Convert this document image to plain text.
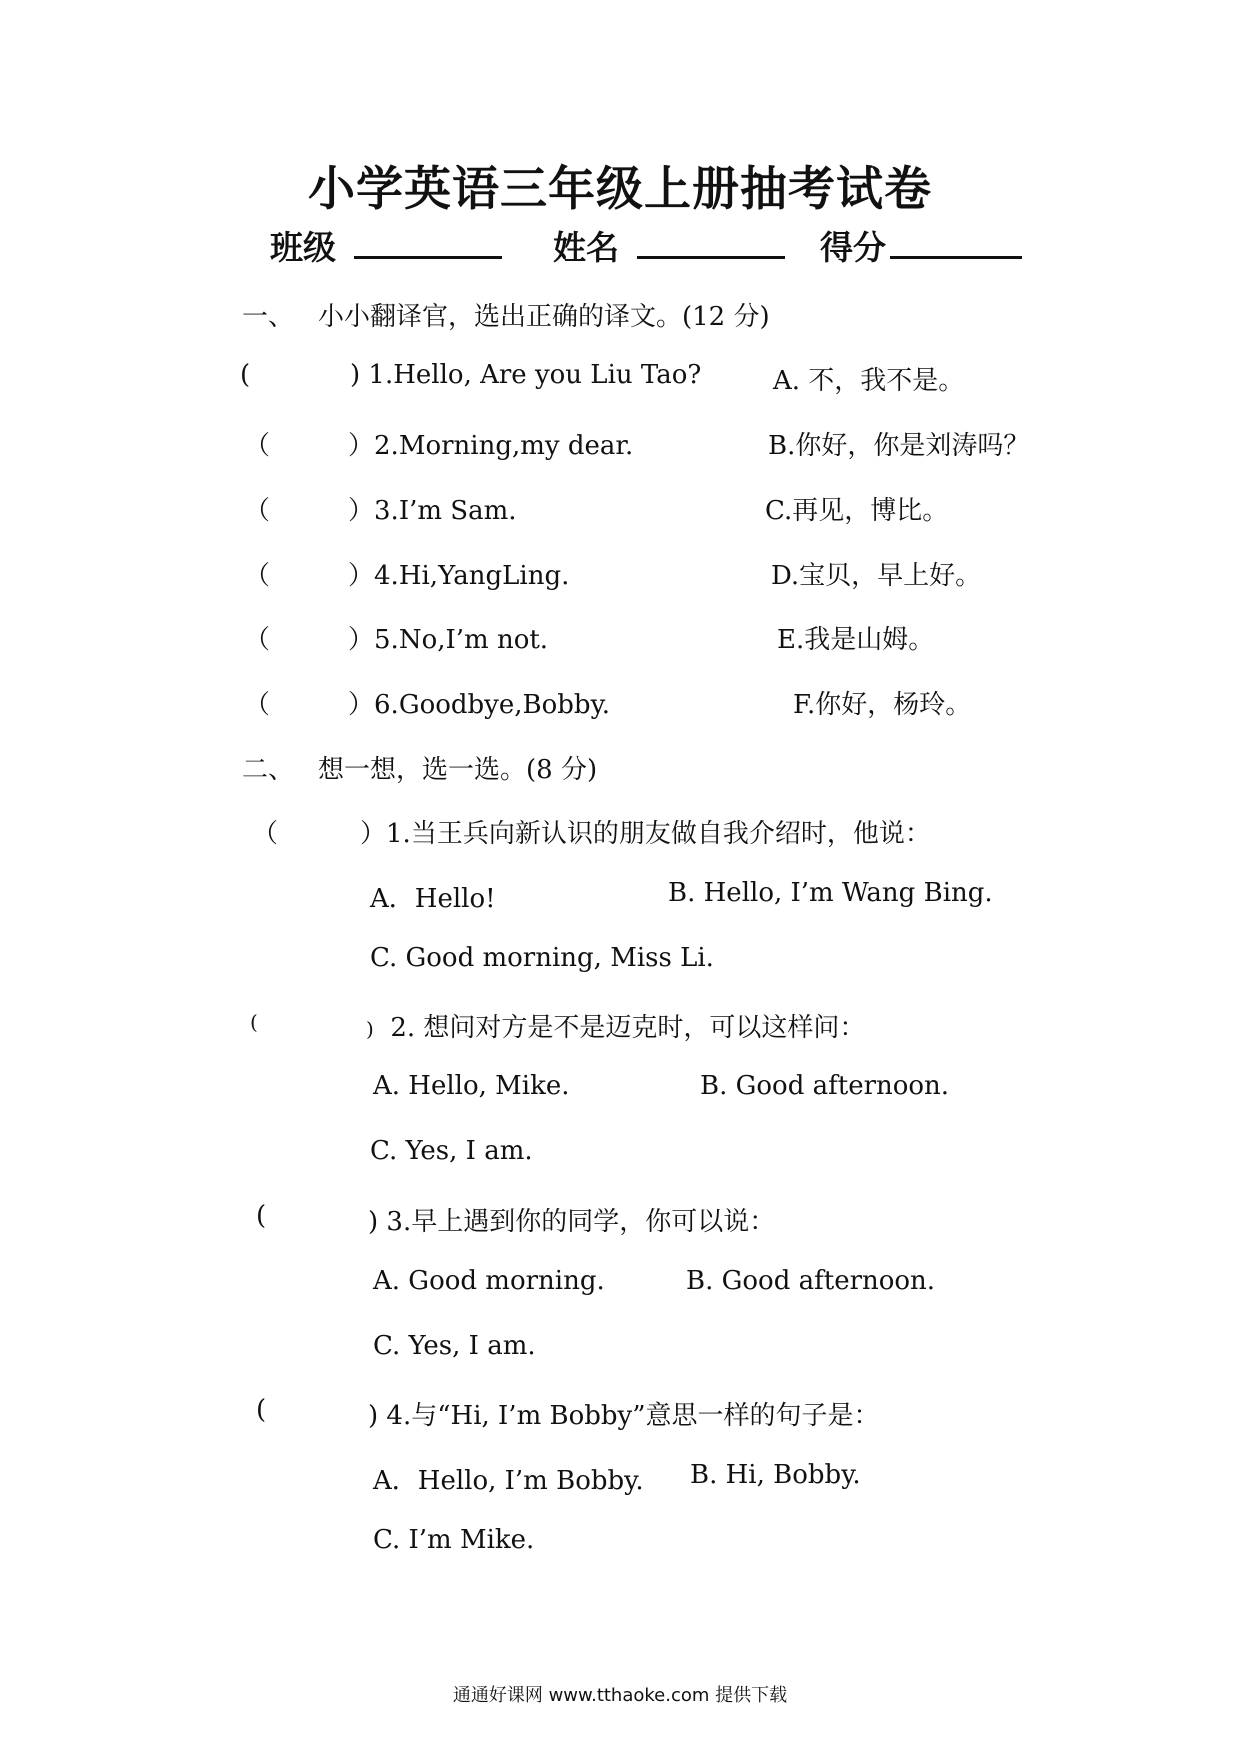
小学英语三年级上册抽考试卷
班级	姓名	得分
一、 小小翻译官，选出正确的译文。(12 分)
(	) 1.Hello, Are you Liu Tao?	A. 不，我不是。
（	）2.Morning,my dear.	B.你好，你是刘涛吗？
（	）3.I’m Sam.	C.再见，博比。
（	）4.Hi,YangLing.	D.宝贝，早上好。
（	）5.No,I’m not.	E.我是山姆。
（	）6.Goodbye,Bobby.	F.你好，杨玲。
二、 想一想，选一选。(8 分)
（	）1.当王兵向新认识的朋友做自我介绍时，他说：
A．Hello!	B. Hello, I’m Wang Bing.
C. Good morning, Miss Li.
(	) 2. 想问对方是不是迈克时，可以这样问：
A. Hello, Mike.	B. Good afternoon.
C. Yes, I am.
(	) 3.早上遇到你的同学，你可以说：
A. Good morning.	B. Good afternoon.
C. Yes, I am.
(	) 4.与“Hi, I’m Bobby”意思一样的句子是：
A．Hello, I’m Bobby. B. Hi, Bobby.
C. I’m Mike.
通通好课网 www.tthaoke.com 提供下载
